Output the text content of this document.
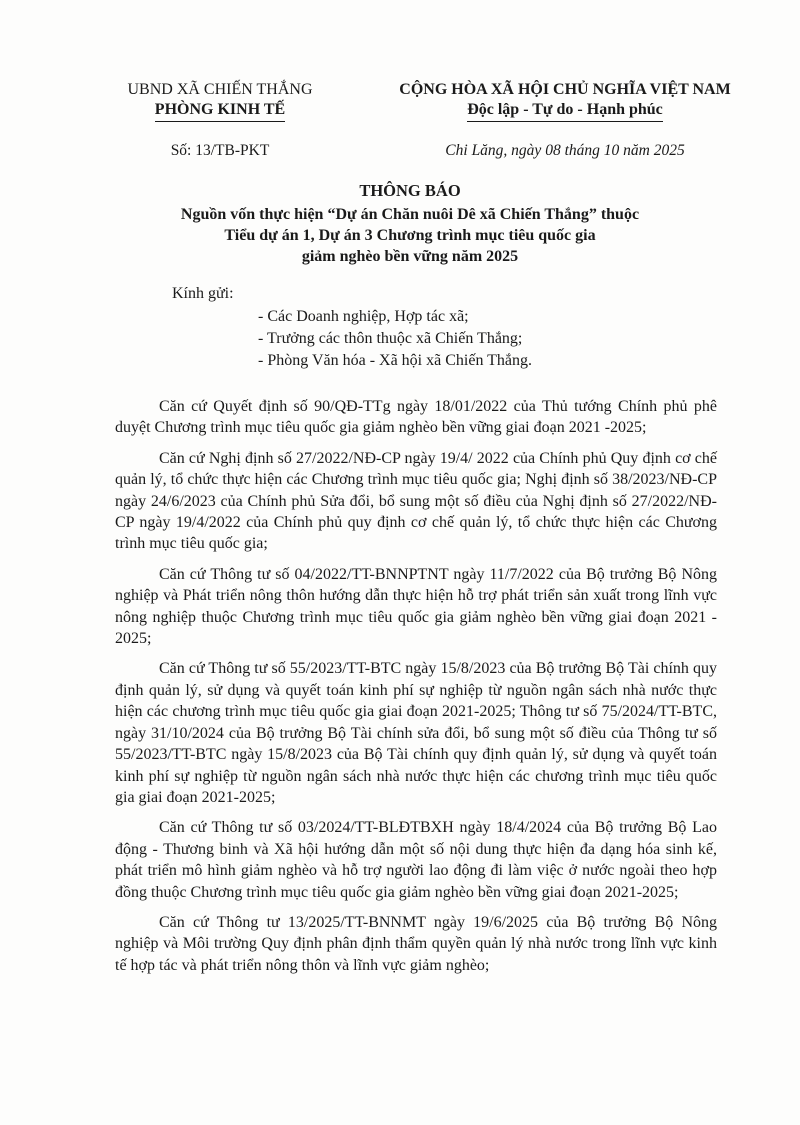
UBND XÃ CHIẾN THẮNG
PHÒNG KINH TẾ
Số: 13/TB-PKT
CỘNG HÒA XÃ HỘI CHỦ NGHĨA VIỆT NAM
Độc lập - Tự do - Hạnh phúc
Chi Lăng, ngày 08 tháng 10 năm 2025
THÔNG BÁO
Nguồn vốn thực hiện “Dự án Chăn nuôi Dê xã Chiến Thắng” thuộc
Tiểu dự án 1, Dự án 3 Chương trình mục tiêu quốc gia
giảm nghèo bền vững năm 2025
Kính gửi:
- Các Doanh nghiệp, Hợp tác xã;
- Trưởng các thôn thuộc xã Chiến Thắng;
- Phòng Văn hóa - Xã hội xã Chiến Thắng.

Căn cứ Quyết định số 90/QĐ-TTg ngày 18/01/2022 của Thủ tướng Chính phủ phê duyệt Chương trình mục tiêu quốc gia giảm nghèo bền vững giai đoạn 2021 -2025;

Căn cứ Nghị định số 27/2022/NĐ-CP ngày 19/4/ 2022 của Chính phủ Quy định cơ chế quản lý, tổ chức thực hiện các Chương trình mục tiêu quốc gia; Nghị định số 38/2023/NĐ-CP ngày 24/6/2023 của Chính phủ Sửa đổi, bổ sung một số điều của Nghị định số 27/2022/NĐ-CP ngày 19/4/2022 của Chính phủ quy định cơ chế quản lý, tổ chức thực hiện các Chương trình mục tiêu quốc gia;

Căn cứ Thông tư số 04/2022/TT-BNNPTNT ngày 11/7/2022 của Bộ trưởng Bộ Nông nghiệp và Phát triển nông thôn hướng dẫn thực hiện hỗ trợ phát triển sản xuất trong lĩnh vực nông nghiệp thuộc Chương trình mục tiêu quốc gia giảm nghèo bền vững giai đoạn 2021 - 2025;

Căn cứ Thông tư số 55/2023/TT-BTC ngày 15/8/2023 của Bộ trưởng Bộ Tài chính quy định quản lý, sử dụng và quyết toán kinh phí sự nghiệp từ nguồn ngân sách nhà nước thực hiện các chương trình mục tiêu quốc gia giai đoạn 2021-2025; Thông tư số 75/2024/TT-BTC, ngày 31/10/2024 của Bộ trưởng Bộ Tài chính sửa đổi, bổ sung một số điều của Thông tư số 55/2023/TT-BTC ngày 15/8/2023 của Bộ Tài chính quy định quản lý, sử dụng và quyết toán kinh phí sự nghiệp từ nguồn ngân sách nhà nước thực hiện các chương trình mục tiêu quốc gia giai đoạn 2021-2025;

Căn cứ Thông tư số 03/2024/TT-BLĐTBXH ngày 18/4/2024 của Bộ trưởng Bộ Lao động - Thương binh và Xã hội hướng dẫn một số nội dung thực hiện đa dạng hóa sinh kế, phát triển mô hình giảm nghèo và hỗ trợ người lao động đi làm việc ở nước ngoài theo hợp đồng thuộc Chương trình mục tiêu quốc gia giảm nghèo bền vững giai đoạn 2021-2025;

Căn cứ Thông tư 13/2025/TT-BNNMT ngày 19/6/2025 của Bộ trưởng Bộ Nông nghiệp và Môi trường Quy định phân định thẩm quyền quản lý nhà nước trong lĩnh vực kinh tế hợp tác và phát triển nông thôn và lĩnh vực giảm nghèo;
